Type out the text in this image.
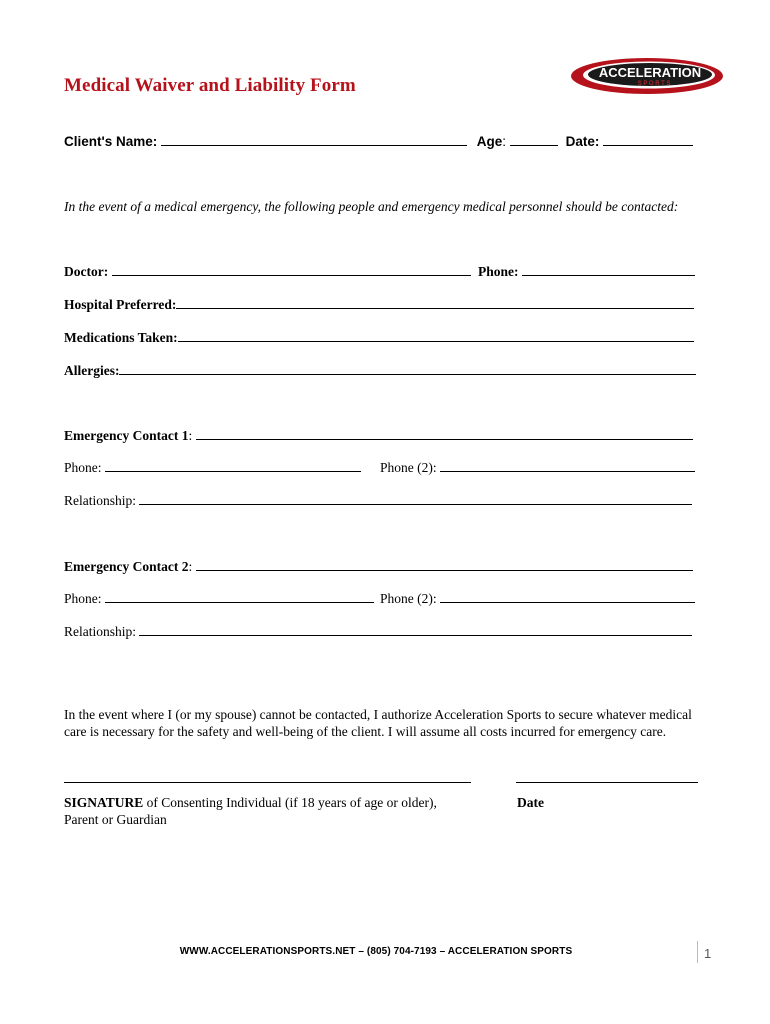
Medical Waiver and Liability Form
ACCELERATION
S P O R T S
Client's Name:	Age:	Date:
In the event of a medical emergency, the following people and emergency medical personnel should be contacted:
Doctor:	Phone:
Hospital Preferred:
Medications Taken:
Allergies:
Emergency Contact 1:
Phone:	Phone (2):
Relationship:
Emergency Contact 2:
Phone:	Phone (2):
Relationship:
In the event where I (or my spouse) cannot be contacted, I authorize Acceleration Sports to secure whatever medical care is necessary for the safety and well-being of the client. I will assume all costs incurred for emergency care.
SIGNATURE of Consenting Individual (if 18 years of age or older),
Parent or Guardian
Date
WWW.ACCELERATIONSPORTS.NET – (805) 704-7193 – ACCELERATION SPORTS	1
